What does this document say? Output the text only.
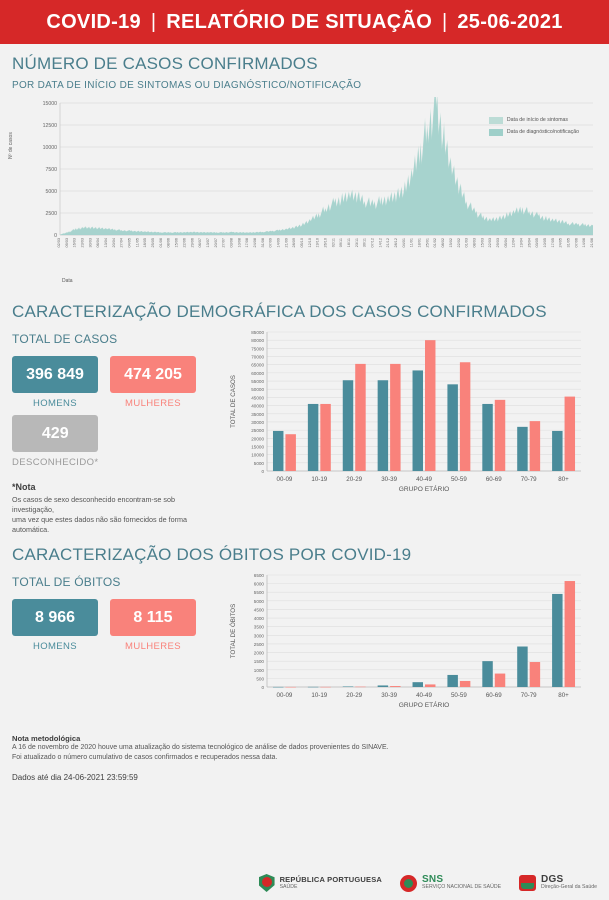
COVID-19 | RELATÓRIO DE SITUAÇÃO | 25-06-2021
NÚMERO DE CASOS CONFIRMADOS
POR DATA DE INÍCIO DE SINTOMAS OU DIAGNÓSTICO/NOTIFICAÇÃO
Nº de casos
0
2500
5000
7500
10000
12500
15000
02/03 09/03 16/03 23/03 30/03 06/04 13/04 20/04 27/04 04/05 11/05 18/05 25/05 01/06 08/06 15/06 22/06 29/06 06/07 13/07 20/07 27/07 03/08 10/08 17/08 24/08 31/08 07/09 14/09 21/09 28/09 05/10 12/10 19/10 26/10 02/11 09/11 16/11 23/11 30/11 07/12 14/12 21/12 28/12 04/01 11/01 18/01 25/01 01/02 08/02 15/02 22/02 01/03 08/03 15/03 22/03 29/03 05/04 12/04 19/04 26/04 03/05 10/05 17/05 24/05 31/05 07/06 14/06 21/06
Data de início de sintomas
Data de diagnóstico/notificação
Data
CARACTERIZAÇÃO DEMOGRÁFICA DOS CASOS CONFIRMADOS
TOTAL DE CASOS
396 849
HOMENS
474 205
MULHERES
429
DESCONHECIDO*
*Nota
Os casos de sexo desconhecido encontram-se sob investigação,
uma vez que estes dados não são fornecidos de forma automática.
0
5000
10000
15000
20000
25000
30000
35000
40000
45000
50000
55000
60000
65000
70000
75000
80000
85000
00-09	10-19	20-29	30-39	40-49	50-59	60-69	70-79	80+
GRUPO ETÁRIO
TOTAL DE CASOS
CARACTERIZAÇÃO DOS ÓBITOS POR COVID-19
TOTAL DE ÓBITOS
8 966
HOMENS
8 115
MULHERES
0
500
1000
1500
2000
2500
3000
3500
4000
4500
5000
5500
6000
6500
00-09	10-19	20-29	30-39	40-49	50-59	60-69	70-79	80+
GRUPO ETÁRIO
TOTAL DE ÓBITOS
Nota metodológica
A 16 de novembro de 2020 houve uma atualização do sistema tecnológico de análise de dados provenientes do SINAVE.
Foi atualizado o número cumulativo de casos confirmados e recuperados nessa data.
Dados até dia 24-06-2021 23:59:59
REPÚBLICA PORTUGUESA
SAÚDE
SNS
SERVIÇO NACIONAL DE SAÚDE
DGS
Direção-Geral da Saúde
